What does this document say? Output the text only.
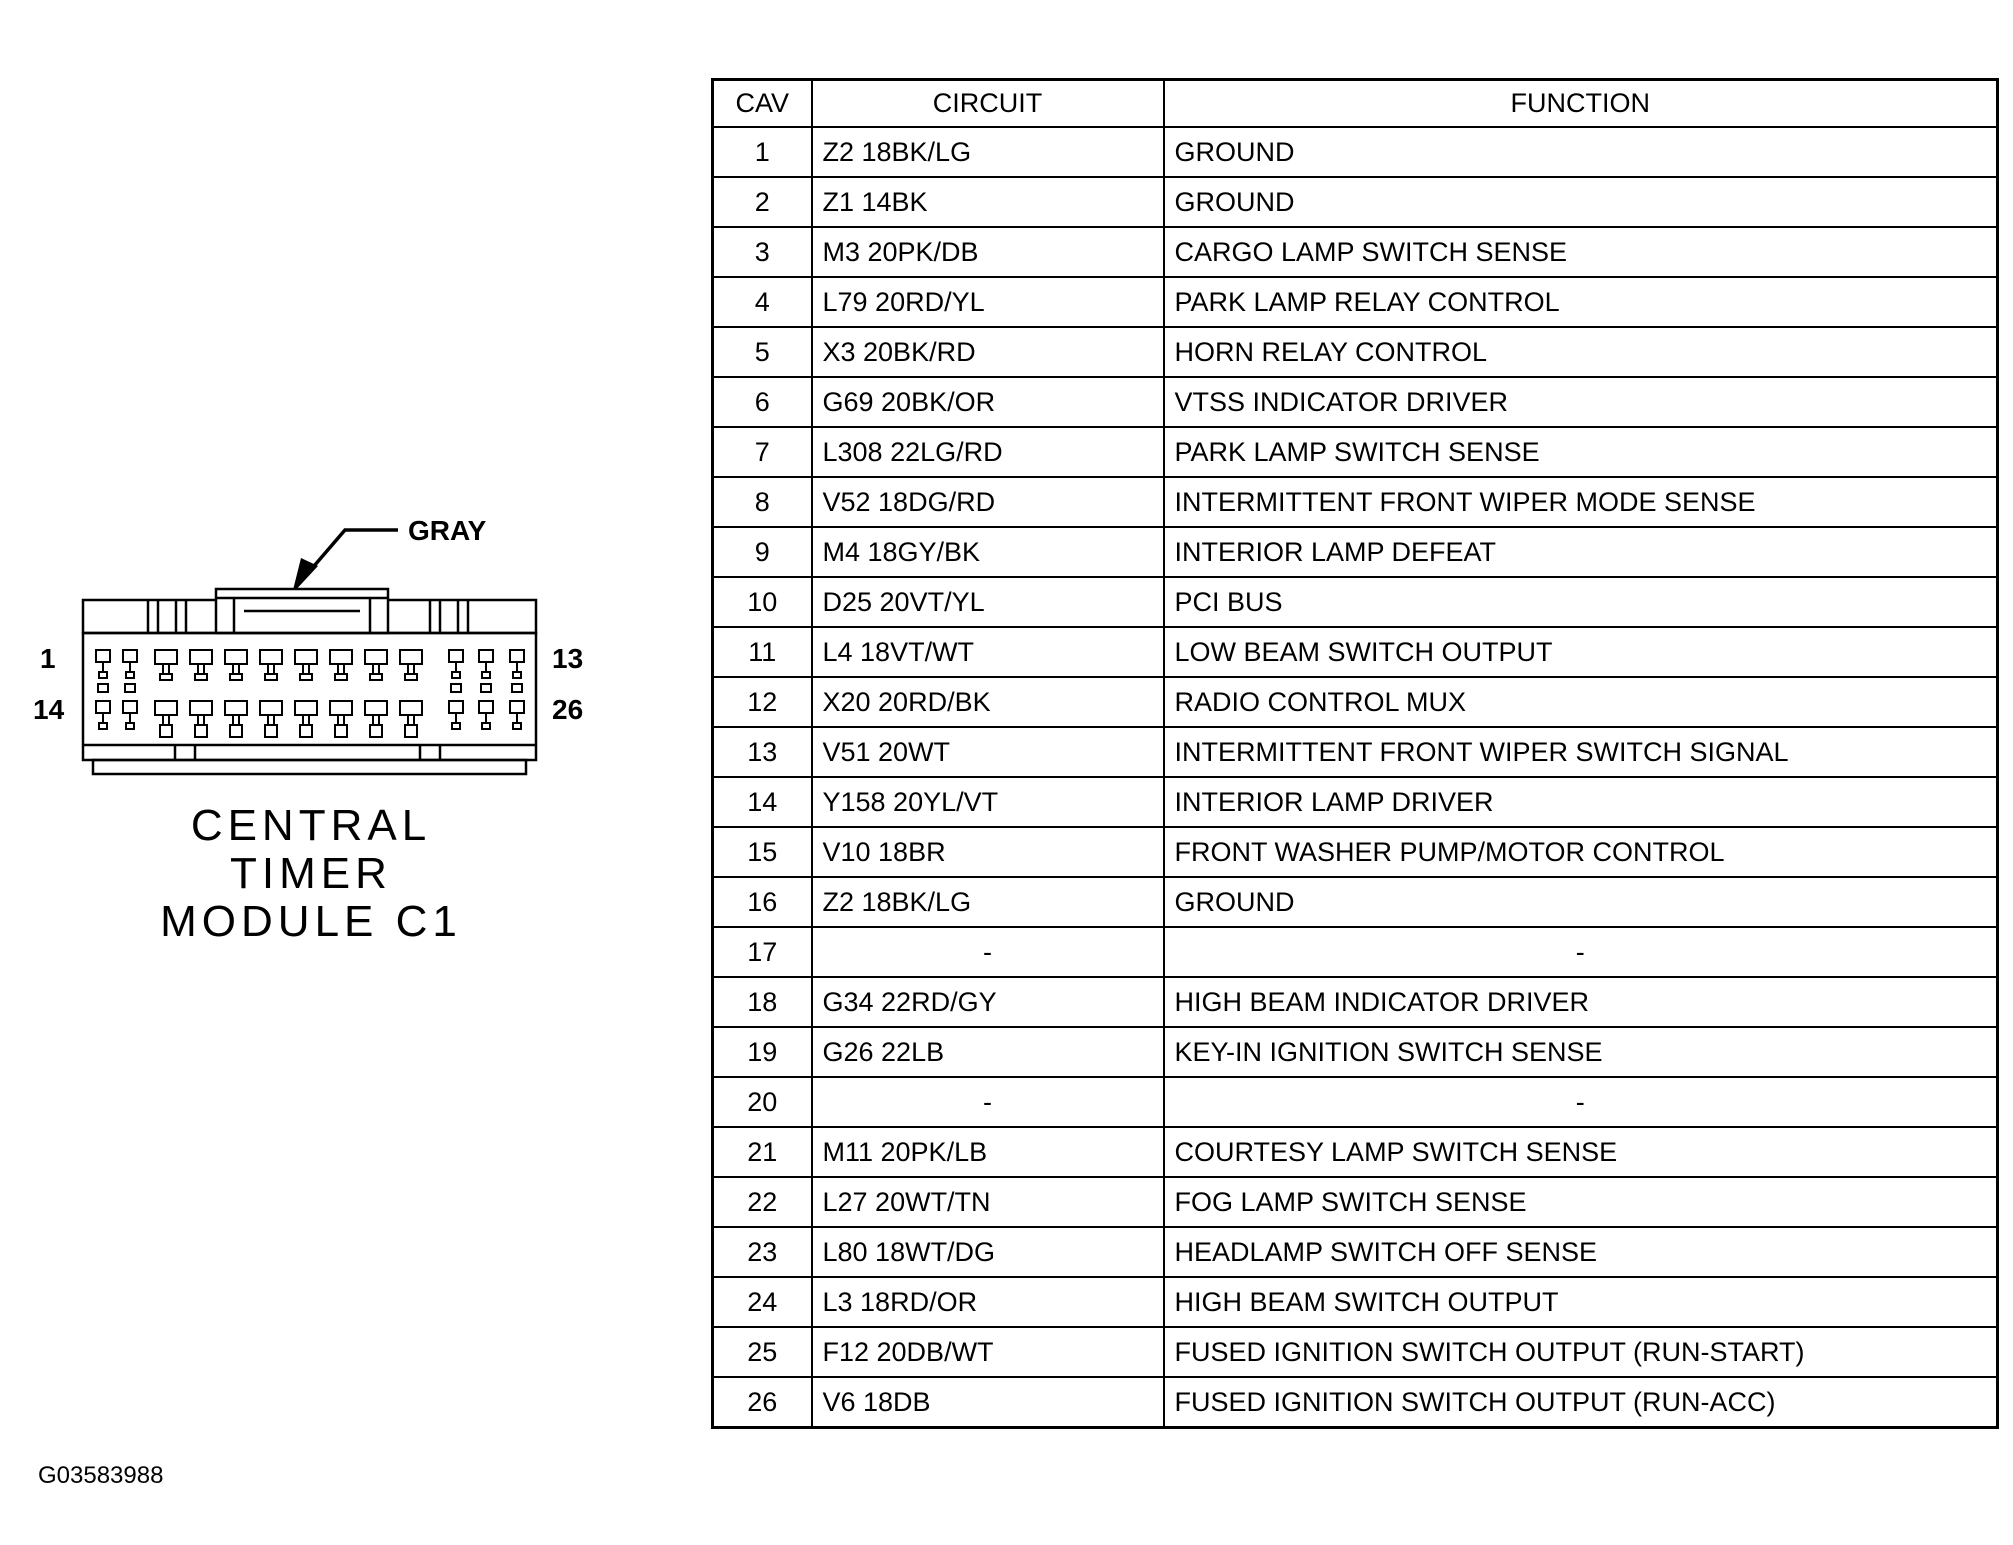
GRAY
1	13
14	26
CENTRAL
TIMER
MODULE C1
CAV	CIRCUIT	FUNCTION
1	Z2 18BK/LG	GROUND
2	Z1 14BK	GROUND
3	M3 20PK/DB	CARGO LAMP SWITCH SENSE
4	L79 20RD/YL	PARK LAMP RELAY CONTROL
5	X3 20BK/RD	HORN RELAY CONTROL
6	G69 20BK/OR	VTSS INDICATOR DRIVER
7	L308 22LG/RD	PARK LAMP SWITCH SENSE
8	V52 18DG/RD	INTERMITTENT FRONT WIPER MODE SENSE
9	M4 18GY/BK	INTERIOR LAMP DEFEAT
10	D25 20VT/YL	PCI BUS
11	L4 18VT/WT	LOW BEAM SWITCH OUTPUT
12	X20 20RD/BK	RADIO CONTROL MUX
13	V51 20WT	INTERMITTENT FRONT WIPER SWITCH SIGNAL
14	Y158 20YL/VT	INTERIOR LAMP DRIVER
15	V10 18BR	FRONT WASHER PUMP/MOTOR CONTROL
16	Z2 18BK/LG	GROUND
17	-	-
18	G34 22RD/GY	HIGH BEAM INDICATOR DRIVER
19	G26 22LB	KEY-IN IGNITION SWITCH SENSE
20	-	-
21	M11 20PK/LB	COURTESY LAMP SWITCH SENSE
22	L27 20WT/TN	FOG LAMP SWITCH SENSE
23	L80 18WT/DG	HEADLAMP SWITCH OFF SENSE
24	L3 18RD/OR	HIGH BEAM SWITCH OUTPUT
25	F12 20DB/WT	FUSED IGNITION SWITCH OUTPUT (RUN-START)
26	V6 18DB	FUSED IGNITION SWITCH OUTPUT (RUN-ACC)
G03583988
